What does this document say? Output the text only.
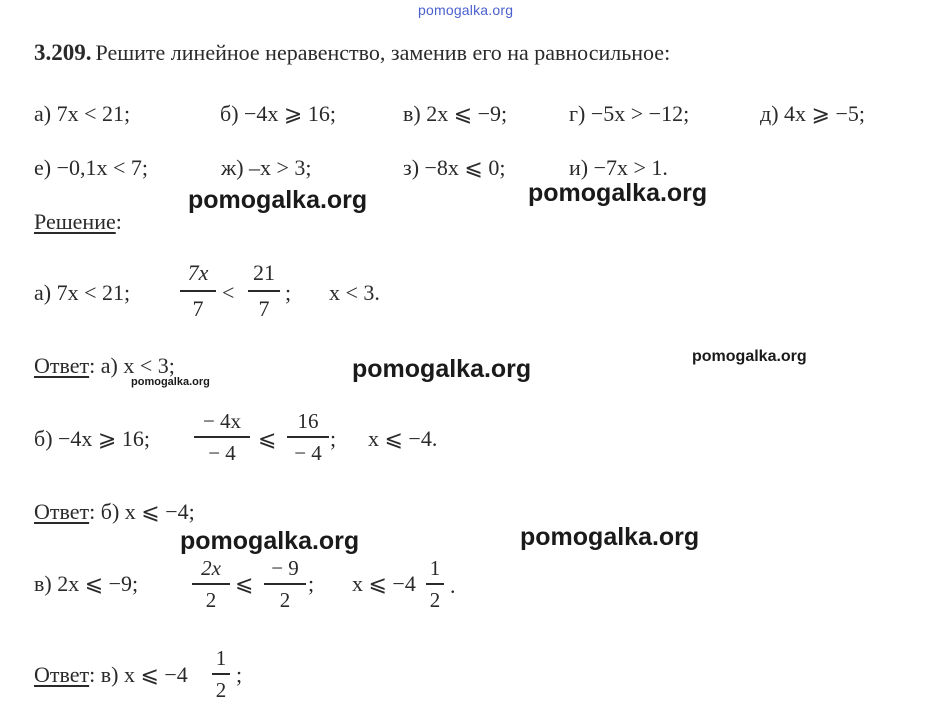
pomogalka.org
3.209. Решите линейное неравенство, заменив его на равносильное:
а) 7x < 21;	б) −4x ⩾ 16;	в) 2x ⩽ −9;	г) −5x > −12;	д) 4x ⩾ −5;
е) −0,1x < 7;	ж) –x > 3;	з) −8x ⩽ 0;	и) −7x > 1.
pomogalka.org	pomogalka.org
Решение:
а) 7x < 21;
7x
7
<
21
7
; x < 3.
Ответ: а) x < 3;
pomogalka.org	pomogalka.org	pomogalka.org
б) −4x ⩾ 16;
− 4x
− 4
⩽
16
− 4
; x ⩽ −4.
Ответ: б) x ⩽ −4;
pomogalka.org	pomogalka.org
в) 2x ⩽ −9;
2x
2
⩽
− 9
2
; x ⩽ −4
1
2
.
Ответ: в) x ⩽ −4
1
2
;
